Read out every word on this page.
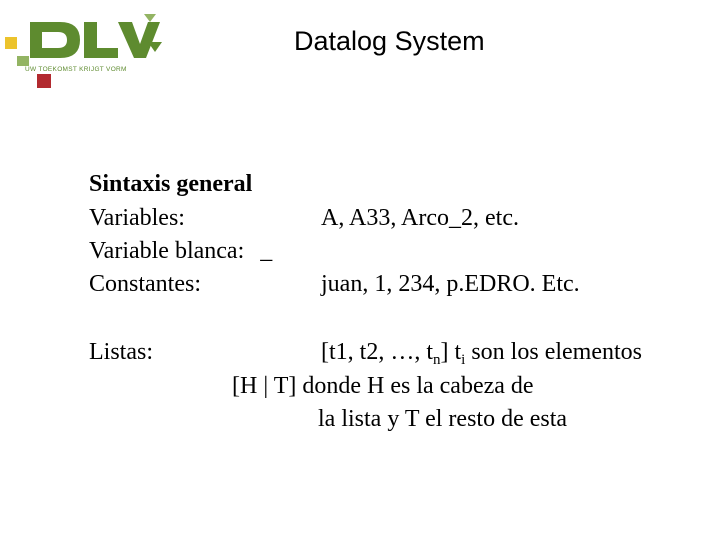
UW TOEKOMST KRIJGT VORM
Datalog System
Sintaxis general
Variables:	A, A33, Arco_2, etc.
Variable blanca: _
Constantes:	juan, 1, 234, p.EDRO. Etc.
Listas:	[t1, t2, …, $t_n$] $t_i$ son los elementos
[H | T] donde H es la cabeza de
la lista y T el resto de esta
